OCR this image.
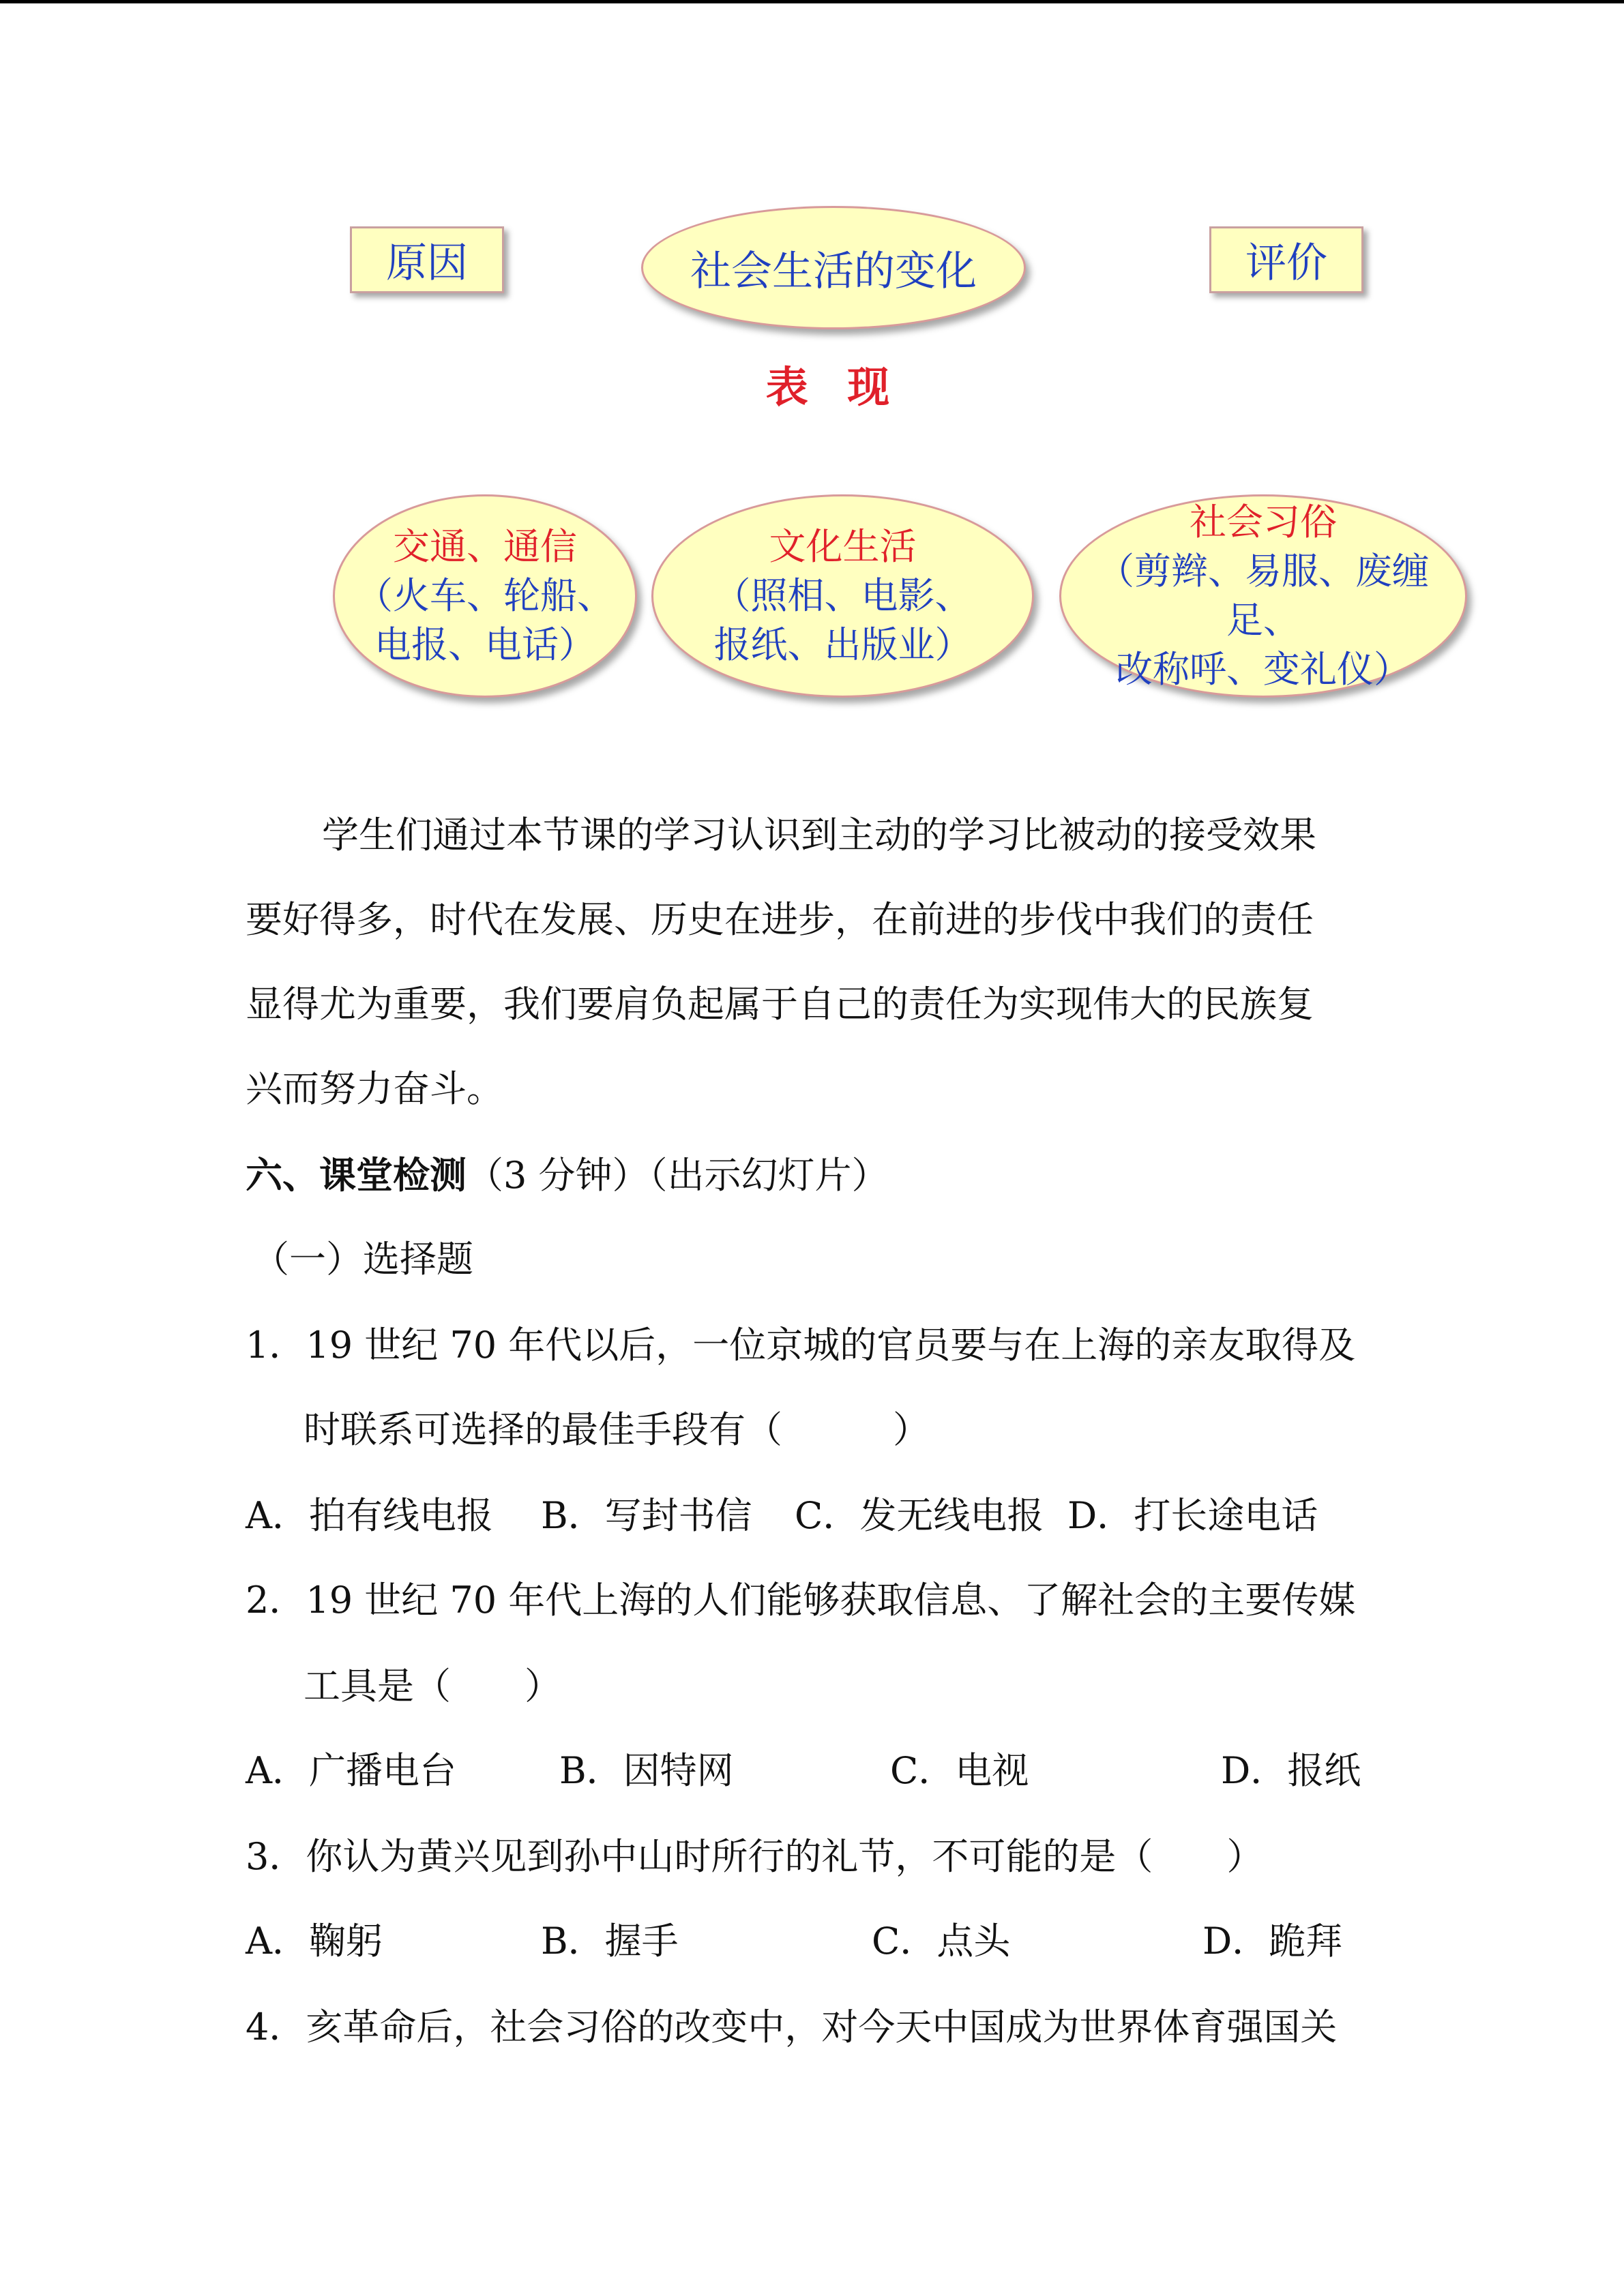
原因	社会生活的变化	评价
表 现
交通、通信
（火车、轮船、
电报、电话）
文化生活
（照相、电影、
报纸、出版业）
社会习俗
（剪辫、易服、废缠足、
改称呼、变礼仪）
学生们通过本节课的学习认识到主动的学习比被动的接受效果
要好得多，时代在发展、历史在进步，在前进的步伐中我们的责任
显得尤为重要，我们要肩负起属于自己的责任为实现伟大的民族复
兴而努力奋斗。
六、课堂检测（3 分钟）（出示幻灯片）
（一）选择题
1．19 世纪 70 年代以后，一位京城的官员要与在上海的亲友取得及
时联系可选择的最佳手段有（　　　）
A．拍有线电报 B．写封书信 C．发无线电报 D．打长途电话
2．19 世纪 70 年代上海的人们能够获取信息、了解社会的主要传媒
工具是（　　）
A．广播电台	B．因特网	C．电视	D．报纸
3．你认为黄兴见到孙中山时所行的礼节，不可能的是（　　）
A．鞠躬	B．握手	C．点头	D．跪拜
4．亥革命后，社会习俗的改变中，对今天中国成为世界体育强国关
